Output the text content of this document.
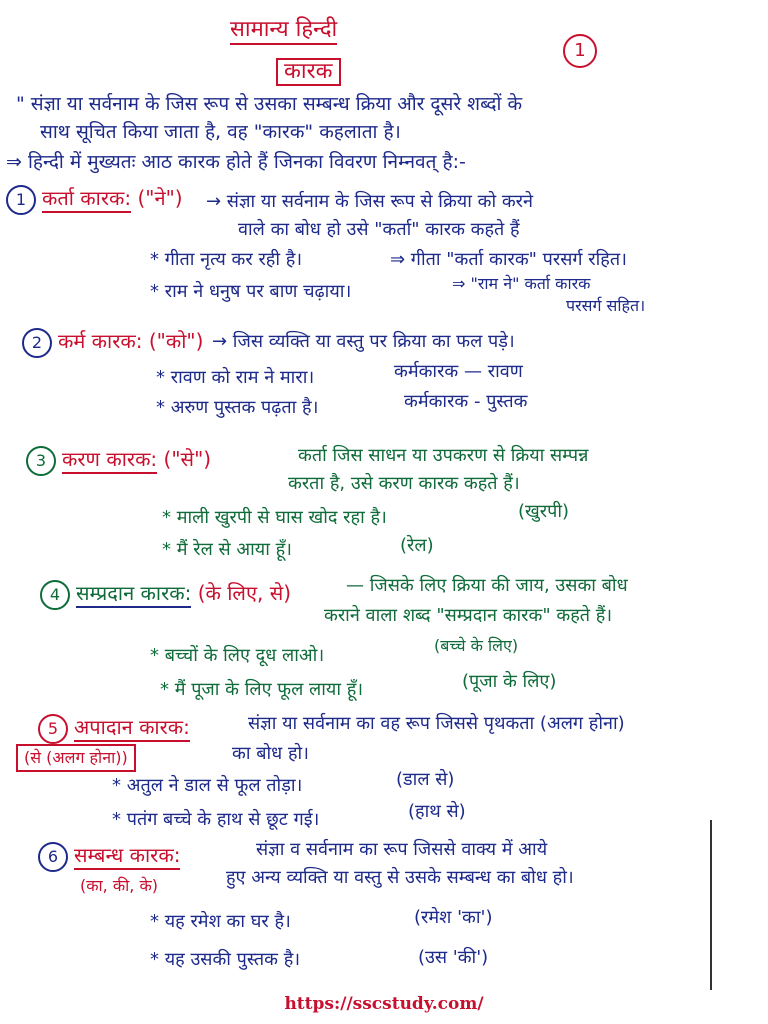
सामान्य हिन्दी
1
कारक
" संज्ञा या सर्वनाम के जिस रूप से उसका सम्बन्ध क्रिया और दूसरे शब्दों के
साथ सूचित किया जाता है, वह "कारक" कहलाता है।
⇒ हिन्दी में मुख्यतः आठ कारक होते हैं जिनका विवरण निम्नवत् है:-
1 कर्ता कारक: ("ने") → संज्ञा या सर्वनाम के जिस रूप से क्रिया को करने
वाले का बोध हो उसे "कर्ता" कारक कहते हैं
* गीता नृत्य कर रही है।	⇒ गीता "कर्ता कारक" परसर्ग रहित।
* राम ने धनुष पर बाण चढ़ाया।	⇒ "राम ने" कर्ता कारक
परसर्ग सहित।
2 कर्म कारक: ("को") → जिस व्यक्ति या वस्तु पर क्रिया का फल पड़े।
* रावण को राम ने मारा।	कर्मकारक — रावण
* अरुण पुस्तक पढ़ता है।	कर्मकारक - पुस्तक
3 करण कारक: ("से")	कर्ता जिस साधन या उपकरण से क्रिया सम्पन्न
करता है, उसे करण कारक कहते हैं।
* माली खुरपी से घास खोद रहा है।	(खुरपी)
* मैं रेल से आया हूँ।	(रेल)
4 सम्प्रदान कारक: (के लिए, से)	— जिसके लिए क्रिया की जाय, उसका बोध
कराने वाला शब्द "सम्प्रदान कारक" कहते हैं।
* बच्चों के लिए दूध लाओ।	(बच्चे के लिए)
* मैं पूजा के लिए फूल लाया हूँ।	(पूजा के लिए)
5 अपादान कारक:
(से (अलग होना))
संज्ञा या सर्वनाम का वह रूप जिससे पृथकता (अलग होना)
का बोध हो।
* अतुल ने डाल से फूल तोड़ा।	(डाल से)
* पतंग बच्चे के हाथ से छूट गई।	(हाथ से)
6 सम्बन्ध कारक:
(का, की, के)
संज्ञा व सर्वनाम का रूप जिससे वाक्य में आये
हुए अन्य व्यक्ति या वस्तु से उसके सम्बन्ध का बोध हो।
* यह रमेश का घर है।	(रमेश 'का')
* यह उसकी पुस्तक है।	(उस 'की')
https://sscstudy.com/
